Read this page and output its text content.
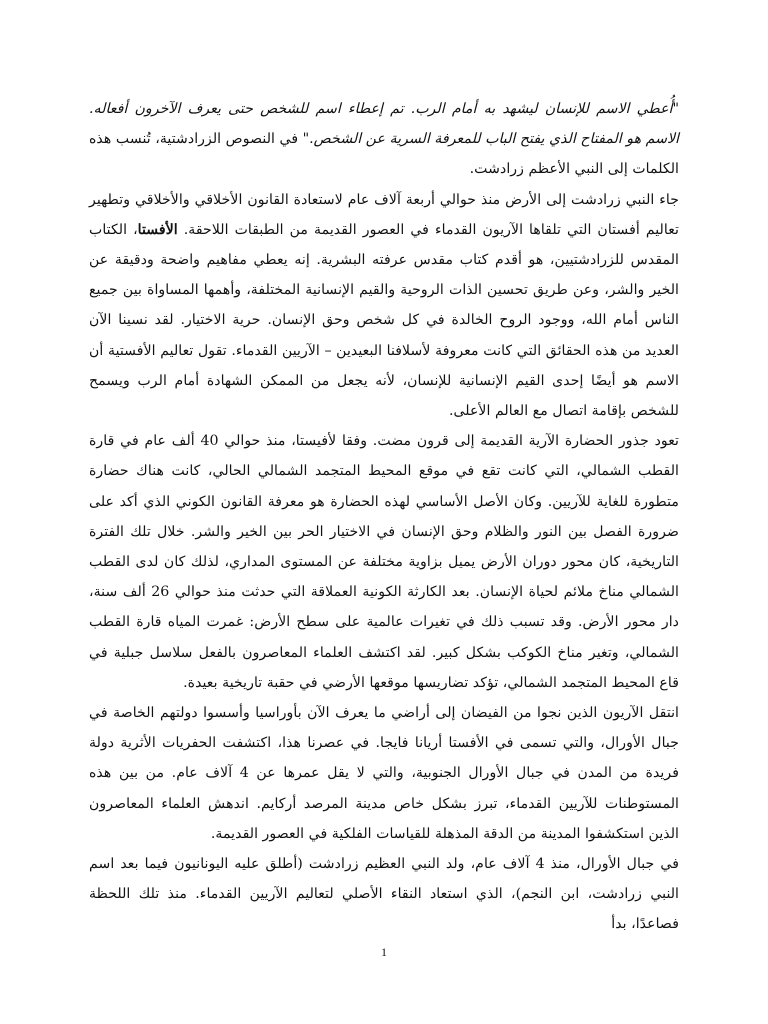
"أُعطي الاسم للإنسان ليشهد به أمام الرب. تم إعطاء اسم للشخص حتى يعرف الآخرون أفعاله. الاسم هو المفتاح الذي يفتح الباب للمعرفة السرية عن الشخص." في النصوص الزرادشتية، تُنسب هذه الكلمات إلى النبي الأعظم زرادشت.

جاء النبي زرادشت إلى الأرض منذ حوالي أربعة آلاف عام لاستعادة القانون الأخلاقي والأخلاقي وتطهير تعاليم أفستان التي تلقاها الآريون القدماء في العصور القديمة من الطبقات اللاحقة. الأفستا، الكتاب المقدس للزرادشتيين، هو أقدم كتاب مقدس عرفته البشرية. إنه يعطي مفاهيم واضحة ودقيقة عن الخير والشر، وعن طريق تحسين الذات الروحية والقيم الإنسانية المختلفة، وأهمها المساواة بين جميع الناس أمام الله، ووجود الروح الخالدة في كل شخص وحق الإنسان. حرية الاختيار. لقد نسينا الآن العديد من هذه الحقائق التي كانت معروفة لأسلافنا البعيدين – الآريين القدماء. تقول تعاليم الأفستية أن الاسم هو أيضًا إحدى القيم الإنسانية للإنسان، لأنه يجعل من الممكن الشهادة أمام الرب ويسمح للشخص بإقامة اتصال مع العالم الأعلى.

تعود جذور الحضارة الآرية القديمة إلى قرون مضت. وفقا لأفيستا، منذ حوالي 40 ألف عام في قارة القطب الشمالي، التي كانت تقع في موقع المحيط المتجمد الشمالي الحالي، كانت هناك حضارة متطورة للغاية للآريين. وكان الأصل الأساسي لهذه الحضارة هو معرفة القانون الكوني الذي أكد على ضرورة الفصل بين النور والظلام وحق الإنسان في الاختيار الحر بين الخير والشر. خلال تلك الفترة التاريخية، كان محور دوران الأرض يميل بزاوية مختلفة عن المستوى المداري، لذلك كان لدى القطب الشمالي مناخ ملائم لحياة الإنسان. بعد الكارثة الكونية العملاقة التي حدثت منذ حوالي 26 ألف سنة، دار محور الأرض. وقد تسبب ذلك في تغيرات عالمية على سطح الأرض: غمرت المياه قارة القطب الشمالي، وتغير مناخ الكوكب بشكل كبير. لقد اكتشف العلماء المعاصرون بالفعل سلاسل جبلية في قاع المحيط المتجمد الشمالي، تؤكد تضاريسها موقعها الأرضي في حقبة تاريخية بعيدة.

انتقل الآريون الذين نجوا من الفيضان إلى أراضي ما يعرف الآن بأوراسيا وأسسوا دولتهم الخاصة في جبال الأورال، والتي تسمى في الأفستا أريانا فايجا. في عصرنا هذا، اكتشفت الحفريات الأثرية دولة فريدة من المدن في جبال الأورال الجنوبية، والتي لا يقل عمرها عن 4 آلاف عام. من بين هذه المستوطنات للآريين القدماء، تبرز بشكل خاص مدينة المرصد أركايم. اندهش العلماء المعاصرون الذين استكشفوا المدينة من الدقة المذهلة للقياسات الفلكية في العصور القديمة.

في جبال الأورال، منذ 4 آلاف عام، ولد النبي العظيم زرادشت (أطلق عليه اليونانيون فيما بعد اسم النبي زرادشت، ابن النجم)، الذي استعاد النقاء الأصلي لتعاليم الآريين القدماء. منذ تلك اللحظة فصاعدًا، بدأ

1
